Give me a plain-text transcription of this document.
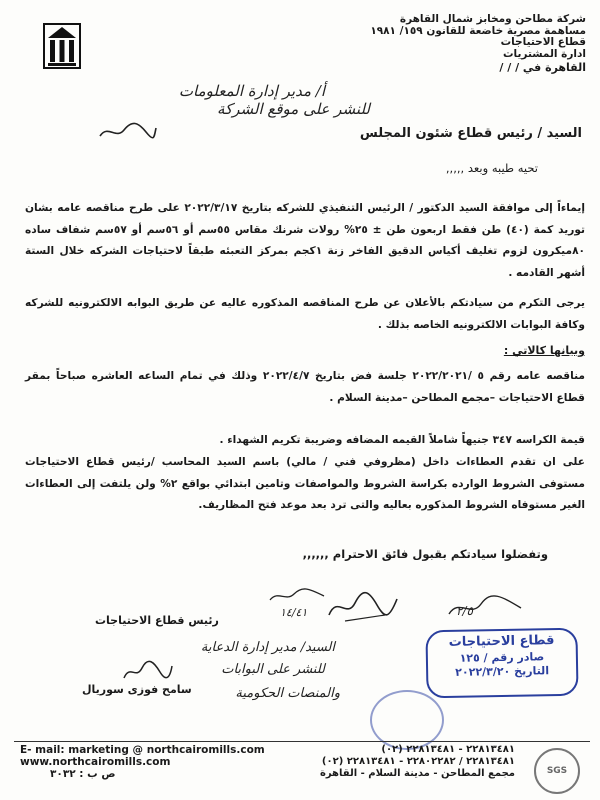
شركة مطاحن ومخابز شمال القاهرة
مساهمة مصرية خاضعة للقانون ١٥٩/ ١٩٨١
قطاع الاحتياجات
ادارة المشتريات
القاهرة في / / /
أ/ مدير إدارة المعلومات
للنشر على موقع الشركة
السيد / رئيس قطاع شئون المجلس
تحيه طيبه وبعد ,,,,,
إيماءاً إلى موافقة السيد الدكتور / الرئيس التنفيذي للشركه بتاريخ ٢٠٢٢/٣/١٧ على طرح مناقصه عامه بشان توريد كمة (٤٠) طن فقط اربعون طن ± ٢٥% رولات شرنك مقاس ٥٥سم أو ٥٦سم أو ٥٧سم شفاف ساده ٨٠ميكرون لزوم تغليف أكياس الدقيق الفاخر زنة ١كجم بمركز التعبئه طبقاً لاحتياجات الشركه خلال الستة أشهر القادمه .
يرجى التكرم من سيادتكم بالأعلان عن طرح المناقصه المذكوره عاليه عن طريق البوابه الالكترونيه للشركه وكافة البوابات الالكترونيه الخاصه بذلك .
وبيانها كالاتي :
مناقصه عامه رقم ٥ /٢٠٢٢/٢٠٢١ جلسة فض بتاريخ ٢٠٢٢/٤/٧ وذلك في تمام الساعه العاشره صباحاً بمقر قطاع الاحتياجات –مجمع المطاحن –مدينة السلام .
قيمة الكراسه ٣٤٧ جنيهاً شاملاً القيمه المضافه وضريبة تكريم الشهداء .
على ان تقدم العطاءات داخل (مظروفي فني / مالي) باسم السيد المحاسب /رئيس قطاع الاحتياجات مستوفى الشروط الوارده بكراسة الشروط والمواصفات وتامين ابتدائي بواقع ٢% ولن يلتفت إلى العطاءات الغير مستوفاه الشروط المذكوره بعاليه والتى ترد بعد موعد فتح المظاريف.
وتفضلوا سيادتكم بقبول فائق الاحترام ,,,,,,
١٤/٤١	٢/٥
رئيس قطاع الاحتياجات
سامح فوزى سوريال
السيد/ مدير إدارة الدعاية
للنشر على البوابات
والمنصات الحكومية
قطاع الاحتياجات
صادر رقم / ١٢٥
التاريخ ٢٠٢٢/٣/٢٠
E- mail: marketing @ northcairomills.com
www.northcairomills.com
ص ب : ٣٠٣٢
٢٢٨١٣٤٨١ - ٢٢٨١٣٤٨١ (٠٢)
٢٢٨١٣٤٨١ / ٢٢٨٠٢٢٨٢ - ٢٢٨١٣٤٨١ (٠٢)
مجمع المطاحن - مدينة السلام - القاهرة	SGS
